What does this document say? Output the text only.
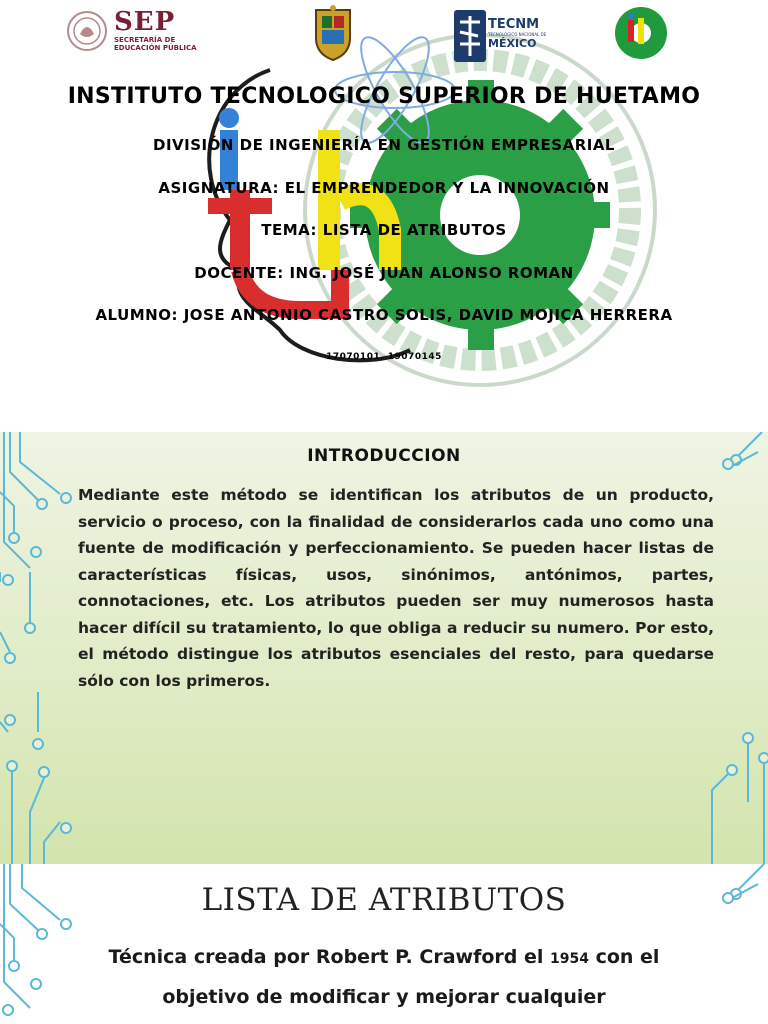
SEP
SECRETARÍA DE
EDUCACIÓN PÚBLICA
TECNM
TECNOLÓGICO NACIONAL DE
MÉXICO
INSTITUTO TECNOLOGICO SUPERIOR DE HUETAMO
DIVISIÓN DE INGENIERÍA EN GESTIÓN EMPRESARIAL
ASIGNATURA: EL EMPRENDEDOR Y LA INNOVACIÓN
TEMA: LISTA DE ATRIBUTOS
DOCENTE: ING. JOSÉ JUAN ALONSO ROMAN
ALUMNO: JOSE ANTONIO CASTRO SOLIS, DAVID MOJICA HERRERA
17070101, 19070145
INTRODUCCION

Mediante este método se identifican los atributos de un producto, servicio o proceso, con la finalidad de considerarlos cada uno como una fuente de modificación y perfeccionamiento. Se pueden hacer listas de características físicas, usos, sinónimos, antónimos, partes, connotaciones, etc. Los atributos pueden ser muy numerosos hasta hacer difícil su tratamiento, lo que obliga a reducir su numero. Por esto, el método distingue los atributos esenciales del resto, para quedarse sólo con los primeros.

LISTA DE ATRIBUTOS
Técnica creada por Robert P. Crawford el 1954 con el objetivo de modificar y mejorar cualquier
